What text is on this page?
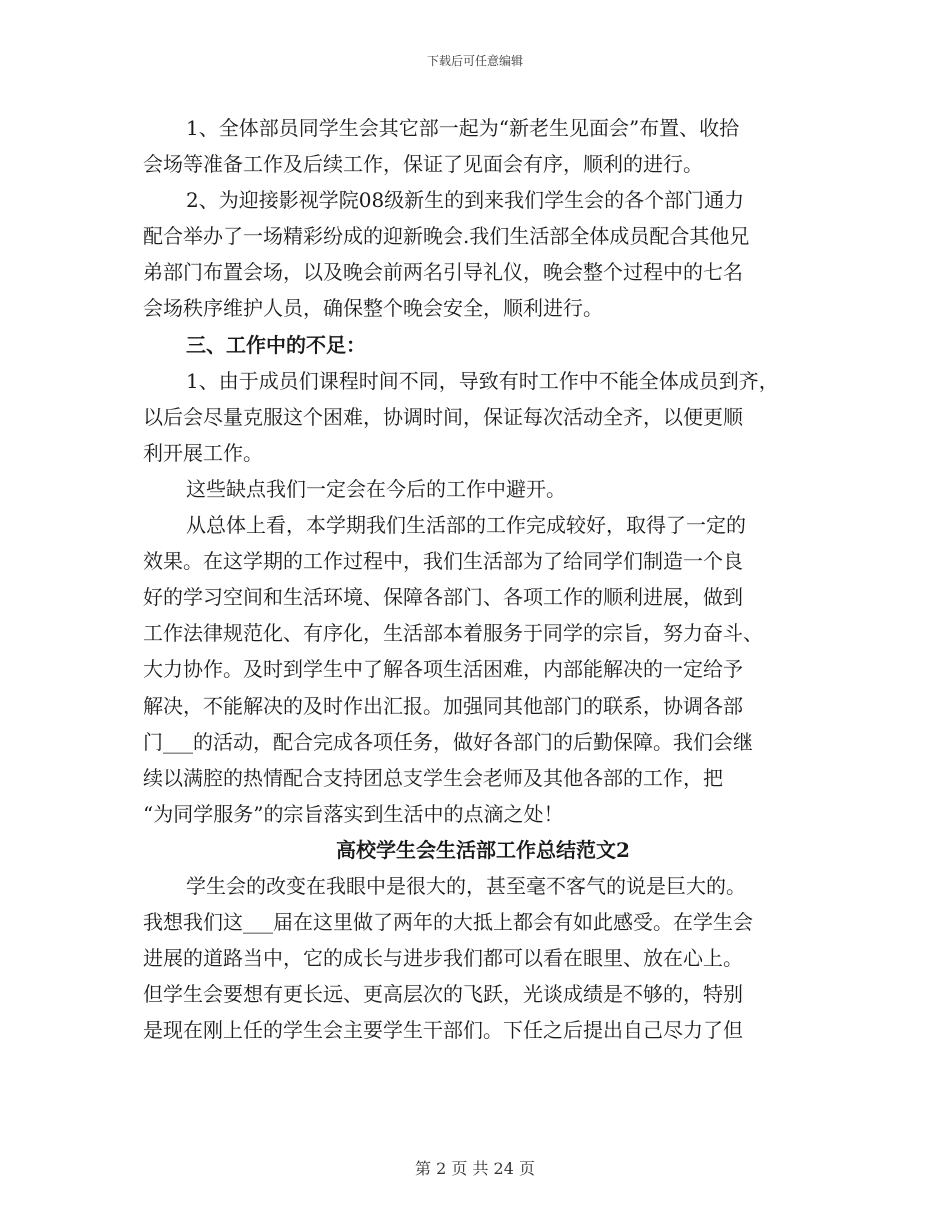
下载后可任意编辑
1、全体部员同学生会其它部一起为“新老生见面会”布置、收拾
会场等准备工作及后续工作，保证了见面会有序，顺利的进行。
2、为迎接影视学院08级新生的到来我们学生会的各个部门通力
配合举办了一场精彩纷成的迎新晚会.我们生活部全体成员配合其他兄
弟部门布置会场，以及晚会前两名引导礼仪，晚会整个过程中的七名
会场秩序维护人员，确保整个晚会安全，顺利进行。
三、工作中的不足：
1、由于成员们课程时间不同，导致有时工作中不能全体成员到齐，
以后会尽量克服这个困难，协调时间，保证每次活动全齐，以便更顺
利开展工作。
这些缺点我们一定会在今后的工作中避开。
从总体上看，本学期我们生活部的工作完成较好，取得了一定的
效果。在这学期的工作过程中，我们生活部为了给同学们制造一个良
好的学习空间和生活环境、保障各部门、各项工作的顺利进展，做到
工作法律规范化、有序化，生活部本着服务于同学的宗旨，努力奋斗、
大力协作。及时到学生中了解各项生活困难，内部能解决的一定给予
解决，不能解决的及时作出汇报。加强同其他部门的联系，协调各部
门___的活动，配合完成各项任务，做好各部门的后勤保障。我们会继
续以满腔的热情配合支持团总支学生会老师及其他各部的工作，把
“为同学服务”的宗旨落实到生活中的点滴之处！
高校学生会生活部工作总结范文2
学生会的改变在我眼中是很大的，甚至毫不客气的说是巨大的。
我想我们这___届在这里做了两年的大抵上都会有如此感受。在学生会
进展的道路当中，它的成长与进步我们都可以看在眼里、放在心上。
但学生会要想有更长远、更高层次的飞跃，光谈成绩是不够的，特别
是现在刚上任的学生会主要学生干部们。下任之后提出自己尽力了但
第 2 页 共 24 页
